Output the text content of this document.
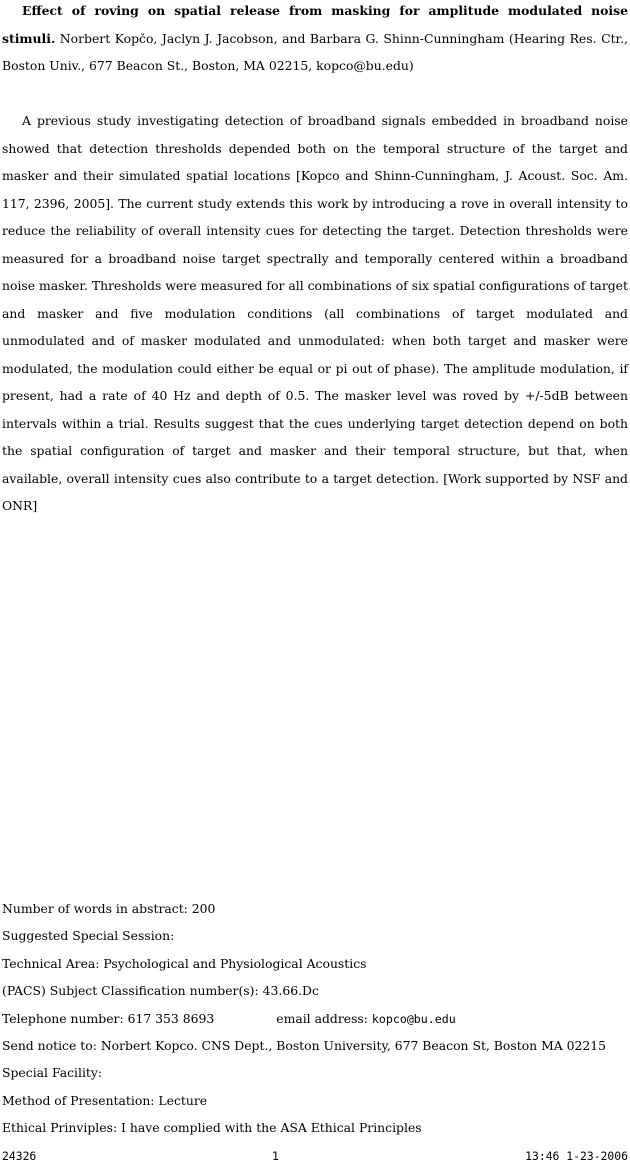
Effect of roving on spatial release from masking for amplitude modulated noise stimuli. Norbert Kopčo, Jaclyn J. Jacobson, and Barbara G. Shinn-Cunningham (Hearing Res. Ctr., Boston Univ., 677 Beacon St., Boston, MA 02215, kopco@bu.edu)

A previous study investigating detection of broadband signals embedded in broadband noise showed that detection thresholds depended both on the temporal structure of the target and masker and their simulated spatial locations [Kopco and Shinn-Cunningham, J. Acoust. Soc. Am. 117, 2396, 2005]. The current study extends this work by introducing a rove in overall intensity to reduce the reliability of overall intensity cues for detecting the target. Detection thresholds were measured for a broadband noise target spectrally and temporally centered within a broadband noise masker. Thresholds were measured for all combinations of six spatial configurations of target and masker and five modulation conditions (all combinations of target modulated and unmodulated and of masker modulated and unmodulated: when both target and masker were modulated, the modulation could either be equal or pi out of phase). The amplitude modulation, if present, had a rate of 40 Hz and depth of 0.5. The masker level was roved by +/-5dB between intervals within a trial. Results suggest that the cues underlying target detection depend on both the spatial configuration of target and masker and their temporal structure, but that, when available, overall intensity cues also contribute to a target detection. [Work supported by NSF and ONR]

Number of words in abstract: 200
Suggested Special Session:
Technical Area: Psychological and Physiological Acoustics
(PACS) Subject Classification number(s): 43.66.Dc
Telephone number: 617 353 8693	email address: kopco@bu.edu
Send notice to: Norbert Kopco. CNS Dept., Boston University, 677 Beacon St, Boston MA 02215
Special Facility:
Method of Presentation: Lecture
Ethical Prinviples: I have complied with the ASA Ethical Principles
24326	1	13:46 1-23-2006
